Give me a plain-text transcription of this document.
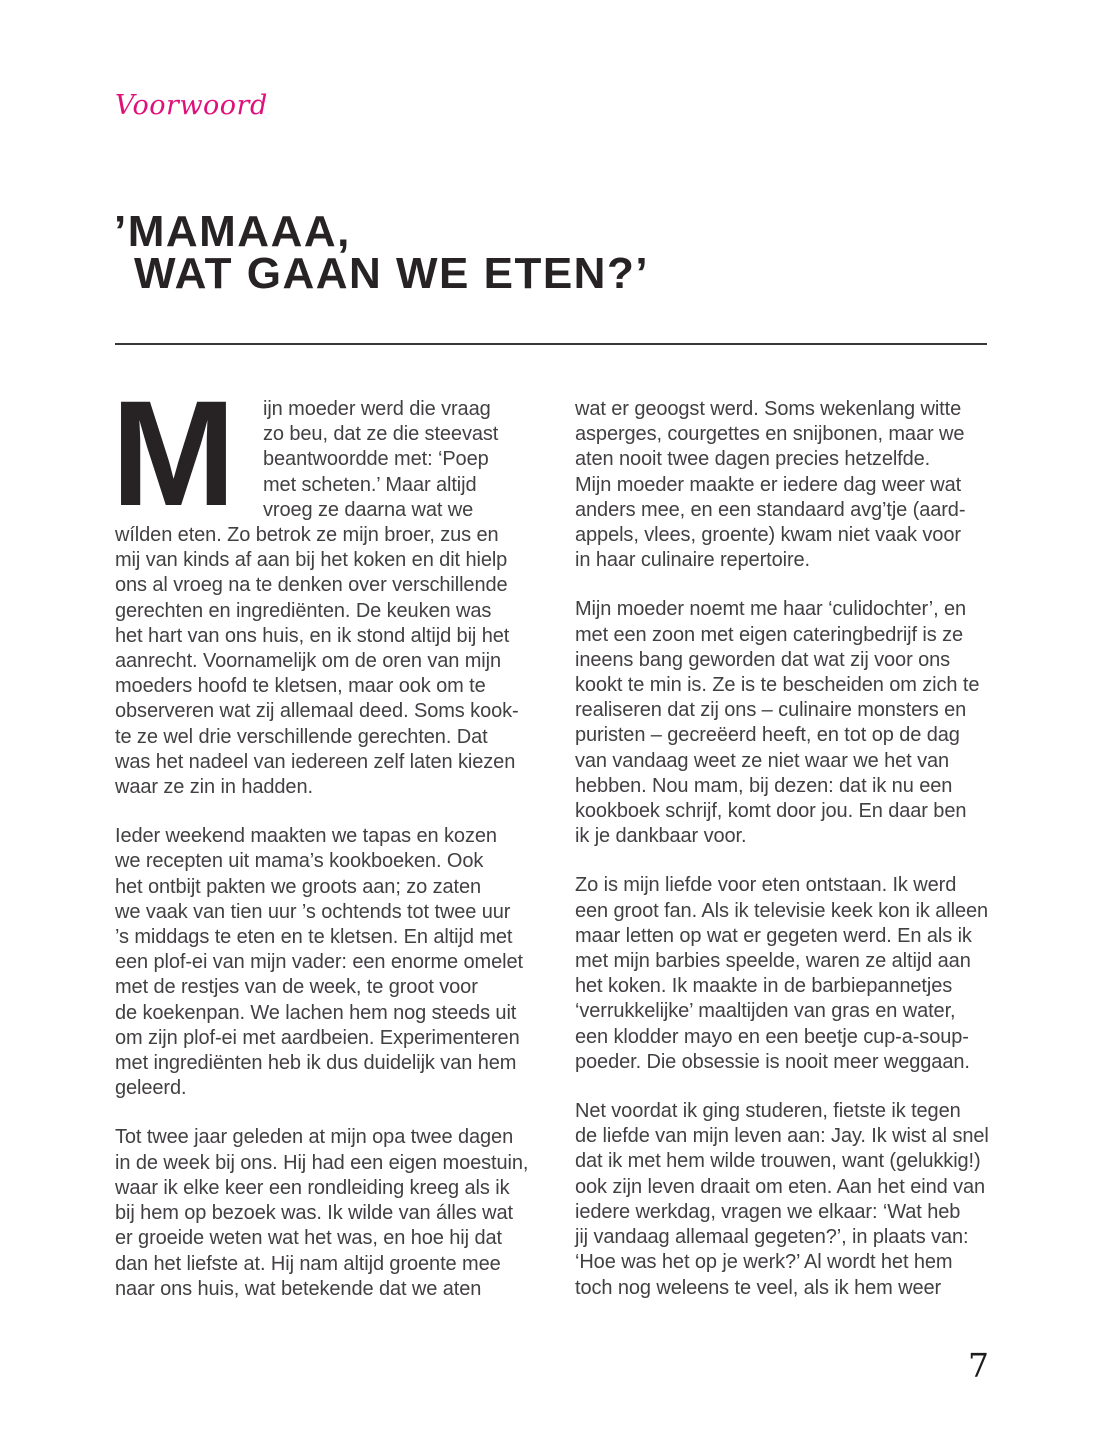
Voorwoord
’MAMAAA,
WAT GAAN WE ETEN?’
M	ijn moeder werd die vraag
zo beu, dat ze die steevast
beantwoordde met: ‘Poep
met scheten.’ Maar altijd
vroeg ze daarna wat we
wílden eten. Zo betrok ze mijn broer, zus en
mij van kinds af aan bij het koken en dit hielp
ons al vroeg na te denken over verschillende
gerechten en ingrediënten. De keuken was
het hart van ons huis, en ik stond altijd bij het
aanrecht. Voornamelijk om de oren van mijn
moeders hoofd te kletsen, maar ook om te
observeren wat zij allemaal deed. Soms kook-
te ze wel drie verschillende gerechten. Dat
was het nadeel van iedereen zelf laten kiezen
waar ze zin in hadden.
Ieder weekend maakten we tapas en kozen
we recepten uit mama’s kookboeken. Ook
het ontbijt pakten we groots aan; zo zaten
we vaak van tien uur ’s ochtends tot twee uur
’s middags te eten en te kletsen. En altijd met
een plof-ei van mijn vader: een enorme omelet
met de restjes van de week, te groot voor
de koekenpan. We lachen hem nog steeds uit
om zijn plof-ei met aardbeien. Experimenteren
met ingrediënten heb ik dus duidelijk van hem
geleerd.
Tot twee jaar geleden at mijn opa twee dagen
in de week bij ons. Hij had een eigen moestuin,
waar ik elke keer een rondleiding kreeg als ik
bij hem op bezoek was. Ik wilde van álles wat
er groeide weten wat het was, en hoe hij dat
dan het liefste at. Hij nam altijd groente mee
naar ons huis, wat betekende dat we aten
wat er geoogst werd. Soms wekenlang witte
asperges, courgettes en snijbonen, maar we
aten nooit twee dagen precies hetzelfde.
Mijn moeder maakte er iedere dag weer wat
anders mee, en een standaard avg’tje (aard-
appels, vlees, groente) kwam niet vaak voor
in haar culinaire repertoire.
Mijn moeder noemt me haar ‘culidochter’, en
met een zoon met eigen cateringbedrijf is ze
ineens bang geworden dat wat zij voor ons
kookt te min is. Ze is te bescheiden om zich te
realiseren dat zij ons – culinaire monsters en
puristen – gecreëerd heeft, en tot op de dag
van vandaag weet ze niet waar we het van
hebben. Nou mam, bij dezen: dat ik nu een
kookboek schrijf, komt door jou. En daar ben
ik je dankbaar voor.
Zo is mijn liefde voor eten ontstaan. Ik werd
een groot fan. Als ik televisie keek kon ik alleen
maar letten op wat er gegeten werd. En als ik
met mijn barbies speelde, waren ze altijd aan
het koken. Ik maakte in de barbiepannetjes
‘verrukkelijke’ maaltijden van gras en water,
een klodder mayo en een beetje cup-a-soup-
poeder. Die obsessie is nooit meer weggaan.
Net voordat ik ging studeren, fietste ik tegen
de liefde van mijn leven aan: Jay. Ik wist al snel
dat ik met hem wilde trouwen, want (gelukkig!)
ook zijn leven draait om eten. Aan het eind van
iedere werkdag, vragen we elkaar: ‘Wat heb
jij vandaag allemaal gegeten?’, in plaats van:
‘Hoe was het op je werk?’ Al wordt het hem
toch nog weleens te veel, als ik hem weer
7
